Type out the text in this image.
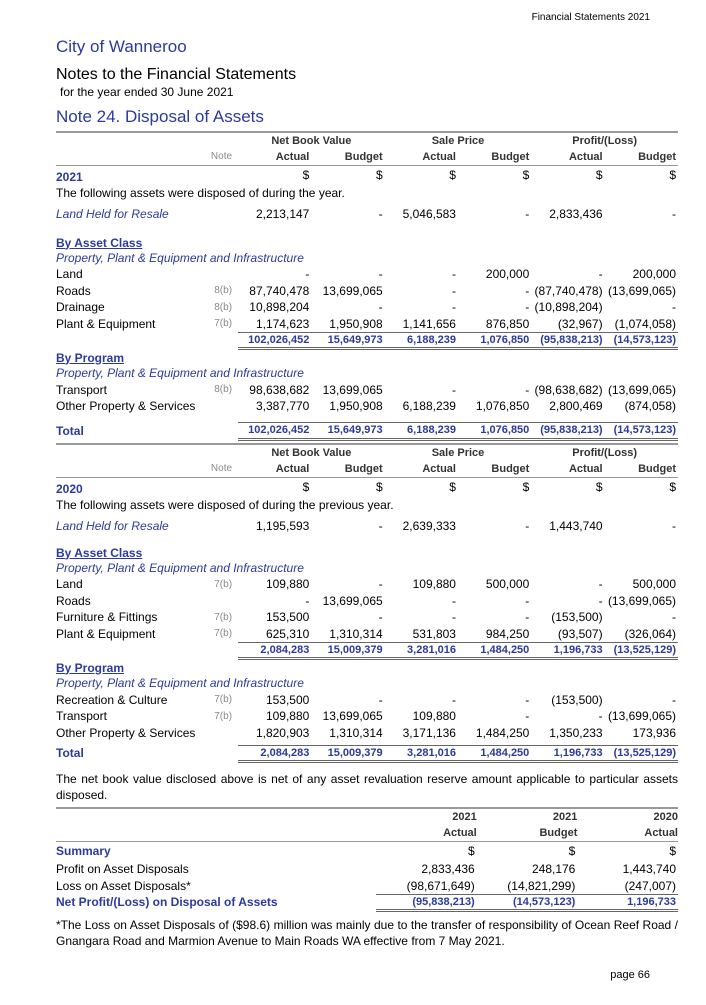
Financial Statements 2021
City of Wanneroo
Notes to the Financial Statements
for the year ended 30 June 2021
Note 24. Disposal of Assets
		Net Book Value		Sale Price		Profit/(Loss)	
	Note	Actual	Budget	Actual	Budget	Actual	Budget
2021		$	$	$	$	$	$
The following assets were disposed of during the year.							
Land Held for Resale		2,213,147	-	5,046,583	-	2,833,436	-
By Asset Class							
Property, Plant & Equipment and Infrastructure							
Land		-	-	-	200,000	-	200,000
Roads	8(b)	87,740,478	13,699,065	-	-	(87,740,478)	(13,699,065)
Drainage	8(b)	10,898,204	-	-	-	(10,898,204)	-
Plant & Equipment	7(b)	1,174,623	1,950,908	1,141,656	876,850	(32,967)	(1,074,058)
		102,026,452	15,649,973	6,188,239	1,076,850	(95,838,213)	(14,573,123)
By Program							
Property, Plant & Equipment and Infrastructure							
Transport	8(b)	98,638,682	13,699,065	-	-	(98,638,682)	(13,699,065)
Other Property & Services		3,387,770	1,950,908	6,188,239	1,076,850	2,800,469	(874,058)

Total		102,026,452	15,649,973	6,188,239	1,076,850	(95,838,213)	(14,573,123)
		Net Book Value		Sale Price		Profit/(Loss)	
	Note	Actual	Budget	Actual	Budget	Actual	Budget
2020		$	$	$	$	$	$
The following assets were disposed of during the previous year.							
Land Held for Resale		1,195,593	-	2,639,333	-	1,443,740	-
By Asset Class							
Property, Plant & Equipment and Infrastructure							
Land	7(b)	109,880	-	109,880	500,000	-	500,000
Roads		-	13,699,065	-	-	-	(13,699,065)
Furniture & Fittings	7(b)	153,500	-	-	-	(153,500)	-
Plant & Equipment	7(b)	625,310	1,310,314	531,803	984,250	(93,507)	(326,064)
		2,084,283	15,009,379	3,281,016	1,484,250	1,196,733	(13,525,129)
By Program							
Property, Plant & Equipment and Infrastructure							
Recreation & Culture	7(b)	153,500	-	-	-	(153,500)	-
Transport	7(b)	109,880	13,699,065	109,880	-	-	(13,699,065)
Other Property & Services		1,820,903	1,310,314	3,171,136	1,484,250	1,350,233	173,936

Total		2,084,283	15,009,379	3,281,016	1,484,250	1,196,733	(13,525,129)
The net book value disclosed above is net of any asset revaluation reserve amount applicable to particular assets disposed.
	2021	2021	2020
	Actual	Budget	Actual
Summary	$	$	$
Profit on Asset Disposals	2,833,436	248,176	1,443,740
Loss on Asset Disposals*	(98,671,649)	(14,821,299)	(247,007)
Net Profit/(Loss) on Disposal of Assets	(95,838,213)	(14,573,123)	1,196,733
*The Loss on Asset Disposals of ($98.6) million was mainly due to the transfer of responsibility of Ocean Reef Road / Gnangara Road and Marmion Avenue to Main Roads WA effective from 7 May 2021.
page 66
